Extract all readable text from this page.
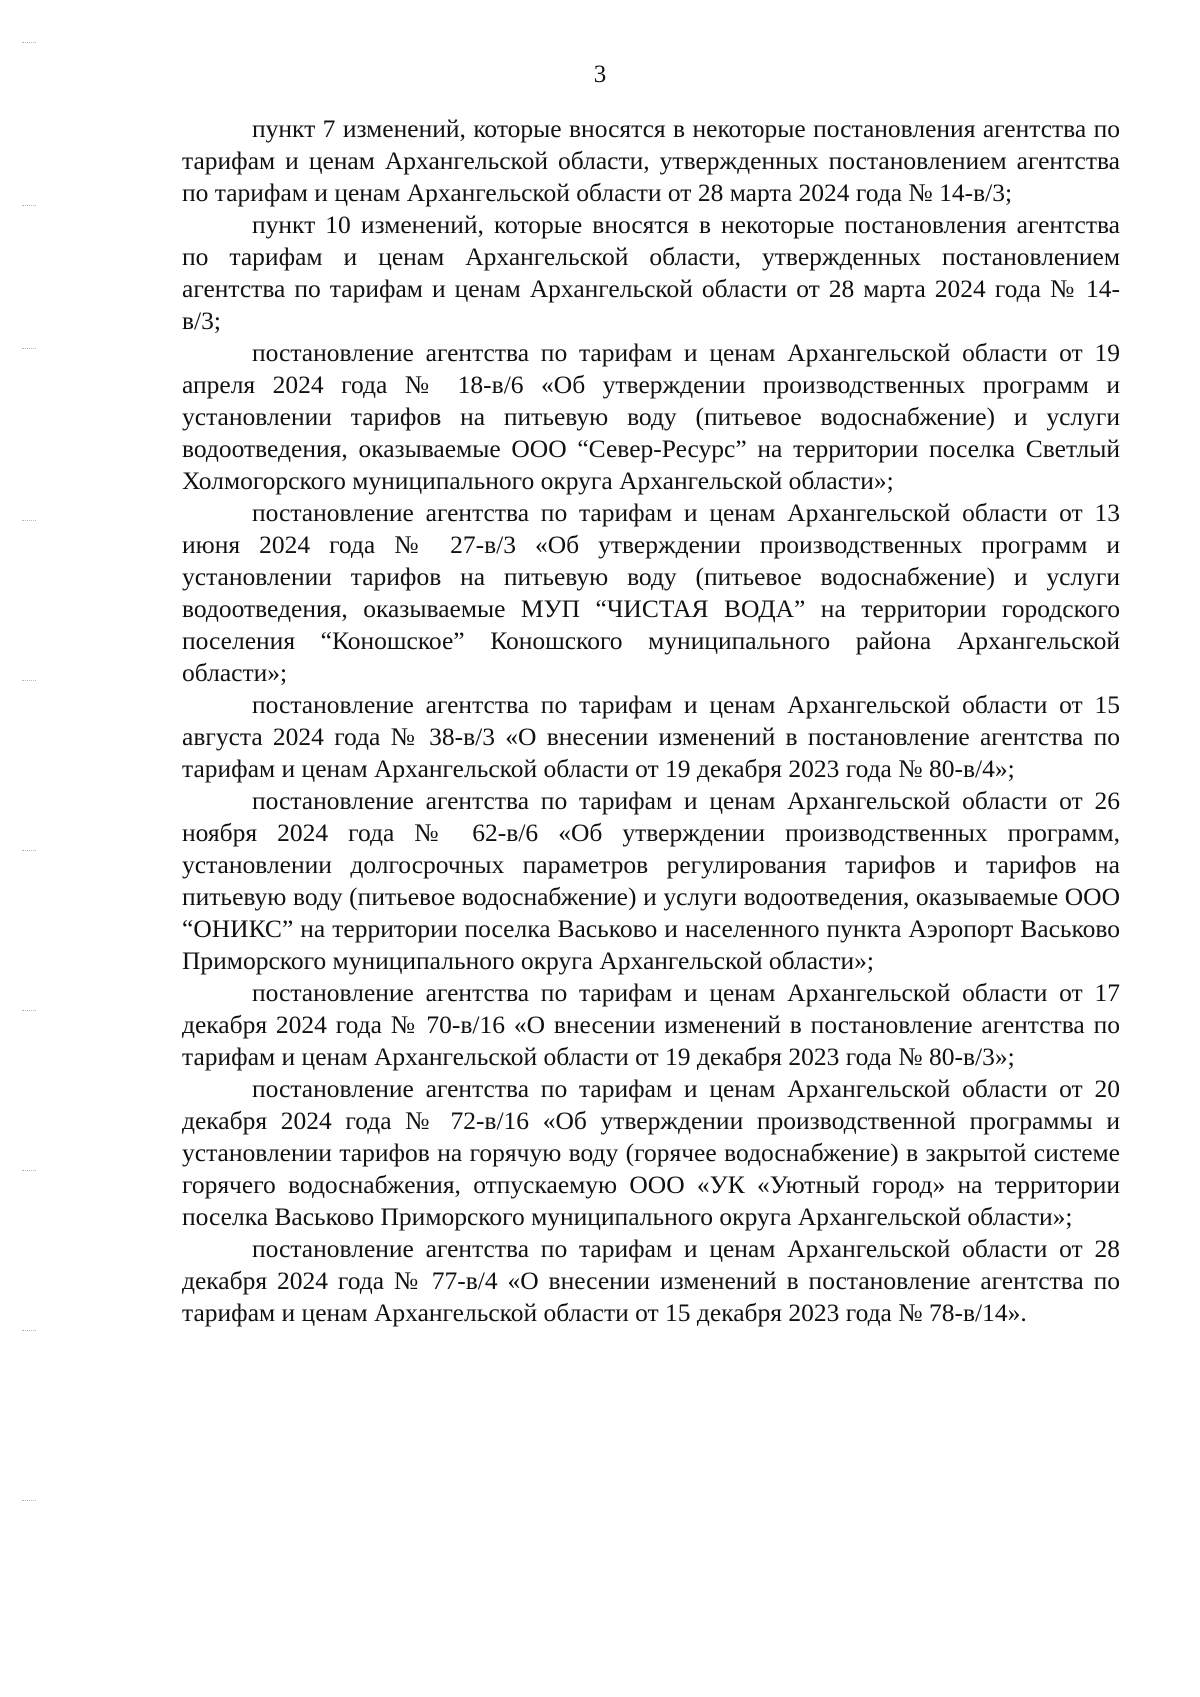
3

пункт 7 изменений, которые вносятся в некоторые постановления агентства по тарифам и ценам Архангельской области, утвержденных постановлением агентства по тарифам и ценам Архангельской области от 28 марта 2024 года № 14-в/3;

пункт 10 изменений, которые вносятся в некоторые постановления агентства по тарифам и ценам Архангельской области, утвержденных постановлением агентства по тарифам и ценам Архангельской области от 28 марта 2024 года № 14-в/3;

постановление агентства по тарифам и ценам Архангельской области от 19 апреля 2024 года № 18-в/6 «Об утверждении производственных программ и установлении тарифов на питьевую воду (питьевое водоснабжение) и услуги водоотведения, оказываемые ООО “Север-Ресурс” на территории поселка Светлый Холмогорского муниципального округа Архангельской области»;

постановление агентства по тарифам и ценам Архангельской области от 13 июня 2024 года № 27-в/3 «Об утверждении производственных программ и установлении тарифов на питьевую воду (питьевое водоснабжение) и услуги водоотведения, оказываемые МУП “ЧИСТАЯ ВОДА” на территории городского поселения “Коношское” Коношского муниципального района Архангельской области»;

постановление агентства по тарифам и ценам Архангельской области от 15 августа 2024 года № 38-в/3 «О внесении изменений в постановление агентства по тарифам и ценам Архангельской области от 19 декабря 2023 года № 80-в/4»;

постановление агентства по тарифам и ценам Архангельской области от 26 ноября 2024 года № 62-в/6 «Об утверждении производственных программ, установлении долгосрочных параметров регулирования тарифов и тарифов на питьевую воду (питьевое водоснабжение) и услуги водоотведения, оказываемые ООО “ОНИКС” на территории поселка Васьково и населенного пункта Аэропорт Васьково Приморского муниципального округа Архангельской области»;

постановление агентства по тарифам и ценам Архангельской области от 17 декабря 2024 года № 70-в/16 «О внесении изменений в постановление агентства по тарифам и ценам Архангельской области от 19 декабря 2023 года № 80-в/3»;

постановление агентства по тарифам и ценам Архангельской области от 20 декабря 2024 года № 72-в/16 «Об утверждении производственной программы и установлении тарифов на горячую воду (горячее водоснабжение) в закрытой системе горячего водоснабжения, отпускаемую ООО «УК «Уютный город» на территории поселка Васьково Приморского муниципального округа Архангельской области»;

постановление агентства по тарифам и ценам Архангельской области от 28 декабря 2024 года № 77-в/4 «О внесении изменений в постановление агентства по тарифам и ценам Архангельской области от 15 декабря 2023 года № 78-в/14».
